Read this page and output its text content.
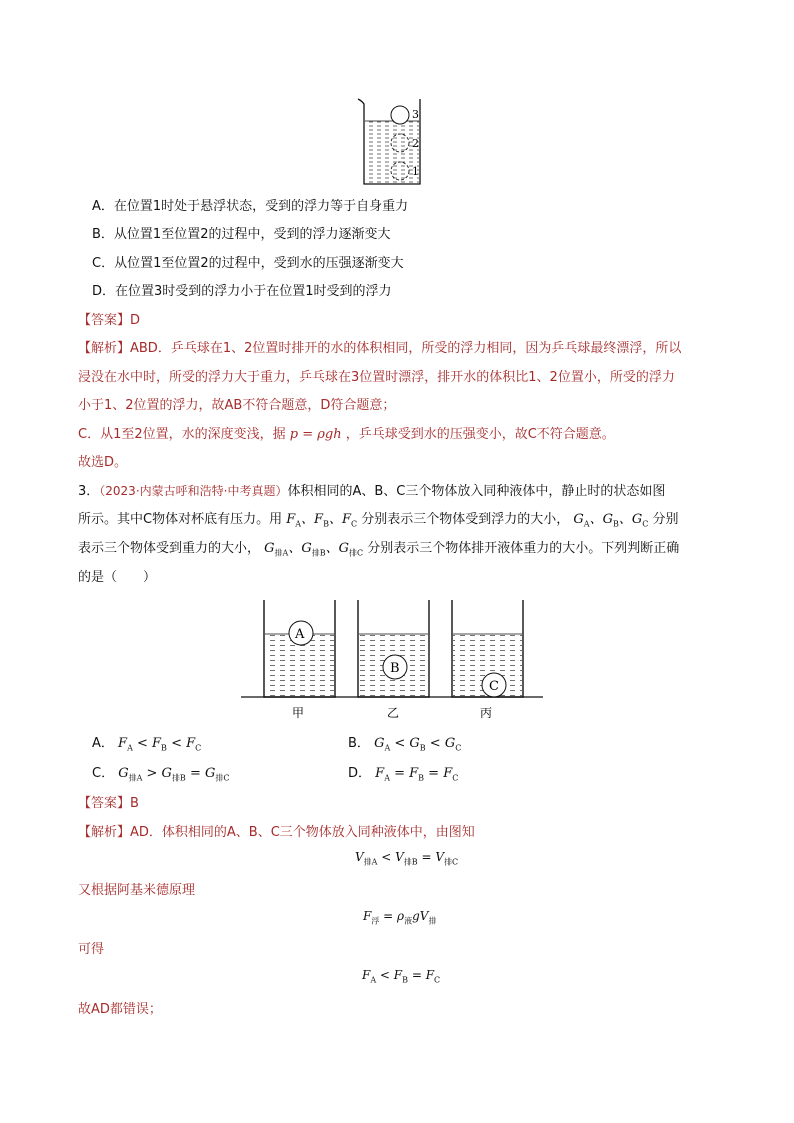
3
2
1
A．在位置1时处于悬浮状态，受到的浮力等于自身重力
B．从位置1至位置2的过程中，受到的浮力逐渐变大
C．从位置1至位置2的过程中，受到水的压强逐渐变大
D．在位置3时受到的浮力小于在位置1时受到的浮力
【答案】D
【解析】ABD．乒乓球在1、2位置时排开的水的体积相同，所受的浮力相同，因为乒乓球最终漂浮，所以
浸没在水中时，所受的浮力大于重力，乒乓球在3位置时漂浮，排开水的体积比1、2位置小，所受的浮力
小于1、2位置的浮力，故AB不符合题意，D符合题意；
C．从1至2位置，水的深度变浅，据 p = ρgh ，乒乓球受到水的压强变小，故C不符合题意。
故选D。
3．（2023·内蒙古呼和浩特·中考真题）体积相同的A、B、C三个物体放入同种液体中，静止时的状态如图
所示。其中C物体对杯底有压力。用 $F_A$、$F_B$、$F_C$ 分别表示三个物体受到浮力的大小， $G_A$、$G_B$、$G_C$ 分别
表示三个物体受到重力的大小， $G_{排A}$、$G_{排B}$、$G_{排C}$ 分别表示三个物体排开液体重力的大小。下列判断正确
的是（　　）
A
B
C
甲	乙	丙
A． $F_A < F_B < F_C$	B． $G_A < G_B < G_C$
C． $G_{排A} > G_{排B} = G_{排C}$	D． $F_A = F_B = F_C$
【答案】B
【解析】AD．体积相同的A、B、C三个物体放入同种液体中，由图知
$V_{排A} < V_{排B} = V_{排C}$
又根据阿基米德原理
$F_浮 = \rho_液gV_排$
可得
$F_A < F_B = F_C$
故AD都错误；
